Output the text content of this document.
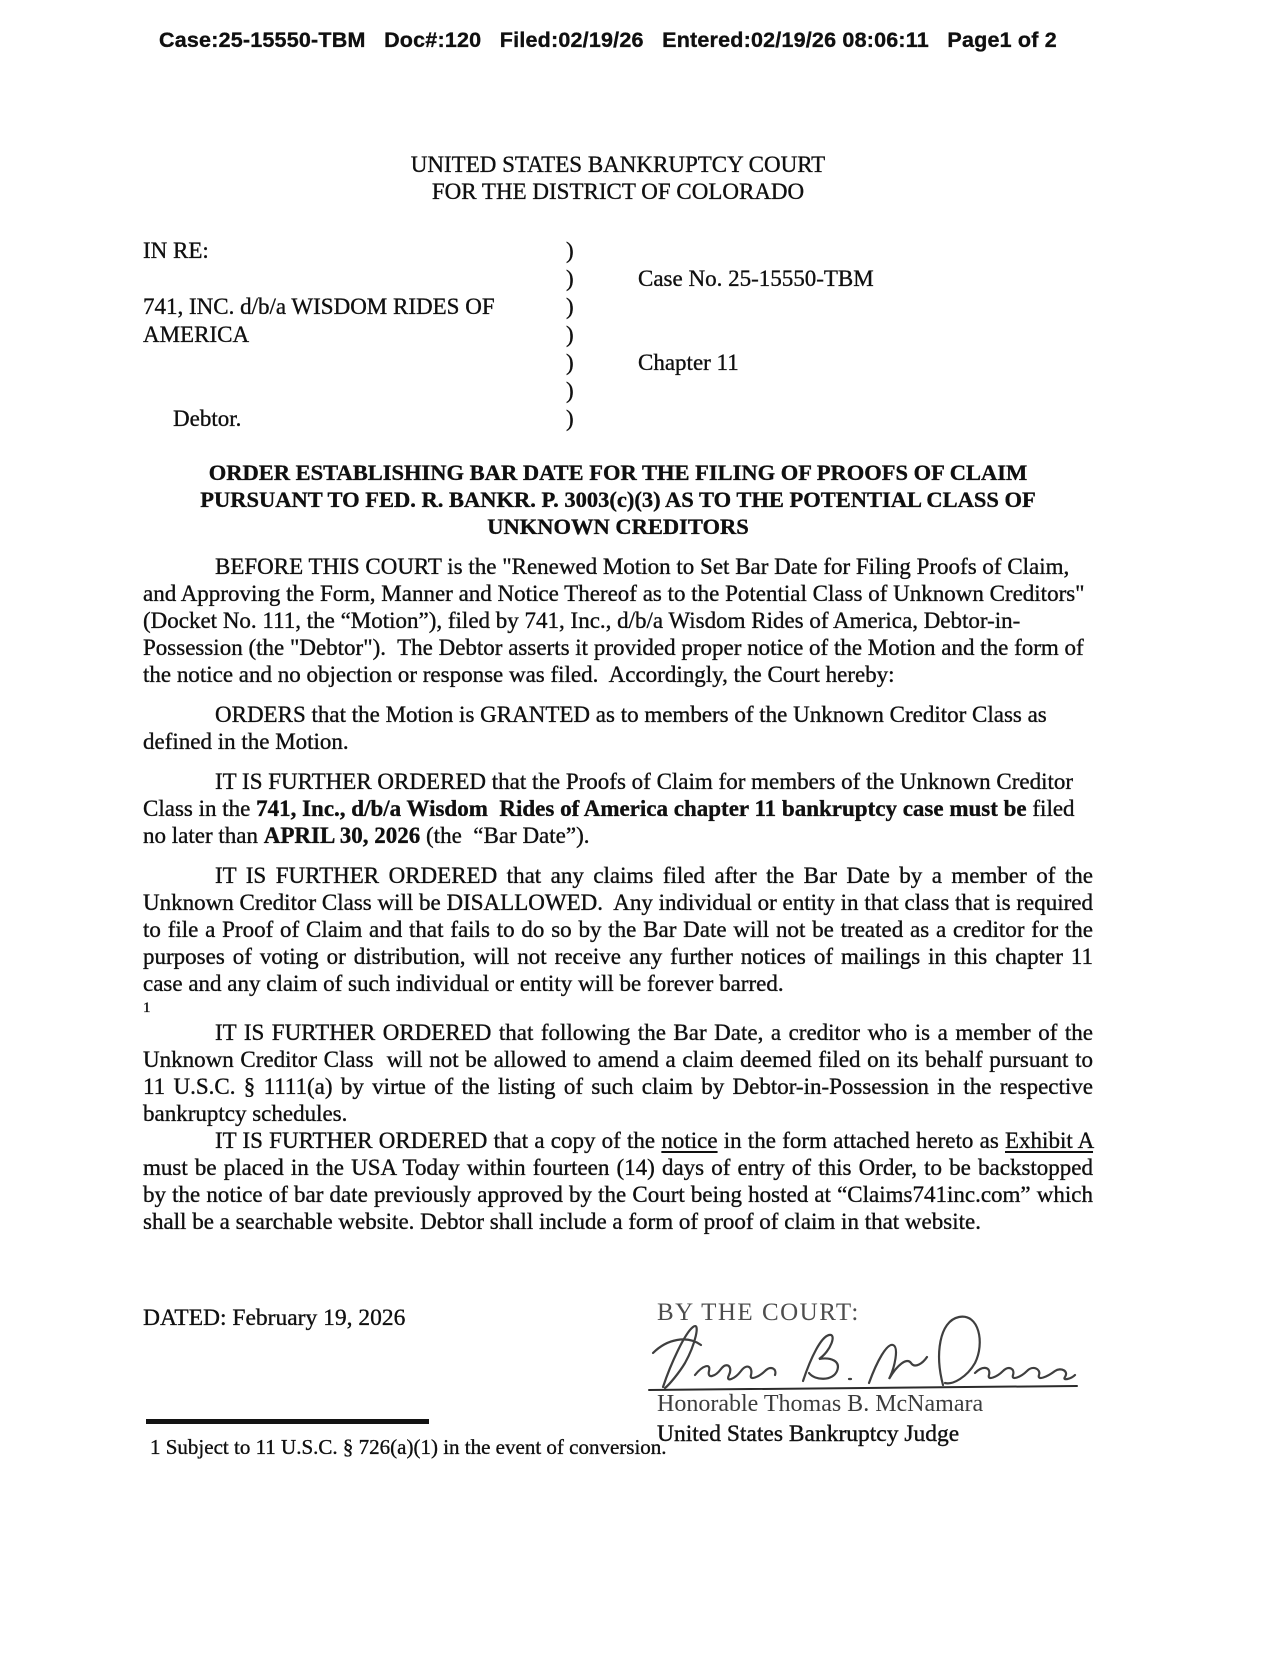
Case:25-15550-TBM   Doc#:120   Filed:02/19/26   Entered:02/19/26 08:06:11   Page1 of 2
UNITED STATES BANKRUPTCY COURT
FOR THE DISTRICT OF COLORADO
IN RE:	)
)	Case No. 25-15550-TBM
741, INC. d/b/a WISDOM RIDES OF	)
AMERICA	)
)	Chapter 11
)
Debtor.	)
ORDER ESTABLISHING BAR DATE FOR THE FILING OF PROOFS OF CLAIM
PURSUANT TO FED. R. BANKR. P. 3003(c)(3) AS TO THE POTENTIAL CLASS OF
UNKNOWN CREDITORS

BEFORE THIS COURT is the "Renewed Motion to Set Bar Date for Filing Proofs of Claim, and Approving the Form, Manner and Notice Thereof as to the Potential Class of Unknown Creditors" (Docket No. 111, the “Motion”), filed by 741, Inc., d/b/a Wisdom Rides of America, Debtor-in-Possession (the "Debtor").  The Debtor asserts it provided proper notice of the Motion and the form of the notice and no objection or response was filed.  Accordingly, the Court hereby:

ORDERS that the Motion is GRANTED as to members of the Unknown Creditor Class as defined in the Motion.

IT IS FURTHER ORDERED that the Proofs of Claim for members of the Unknown Creditor Class in the 741, Inc., d/b/a Wisdom  Rides of America chapter 11 bankruptcy case must be filed no later than APRIL 30, 2026 (the  “Bar Date”).

IT IS FURTHER ORDERED that any claims filed after the Bar Date by a member of the Unknown Creditor Class will be DISALLOWED.  Any individual or entity in that class that is required to file a Proof of Claim and that fails to do so by the Bar Date will not be treated as a creditor for the purposes of voting or distribution, will not receive any further notices of mailings in this chapter 11 case and any claim of such individual or entity will be forever barred.

1

IT IS FURTHER ORDERED that following the Bar Date, a creditor who is a member of the Unknown Creditor Class  will not be allowed to amend a claim deemed filed on its behalf pursuant to 11 U.S.C. § 1111(a) by virtue of the listing of such claim by Debtor-in-Possession in the respective bankruptcy schedules.

IT IS FURTHER ORDERED that a copy of the notice in the form attached hereto as Exhibit A must be placed in the USA Today within fourteen (14) days of entry of this Order, to be backstopped by the notice of bar date previously approved by the Court being hosted at “Claims741inc.com” which shall be a searchable website. Debtor shall include a form of proof of claim in that website.

DATED: February 19, 2026	BY THE COURT:
Honorable Thomas B. McNamara
United States Bankruptcy Judge
1 Subject to 11 U.S.C. § 726(a)(1) in the event of conversion.
